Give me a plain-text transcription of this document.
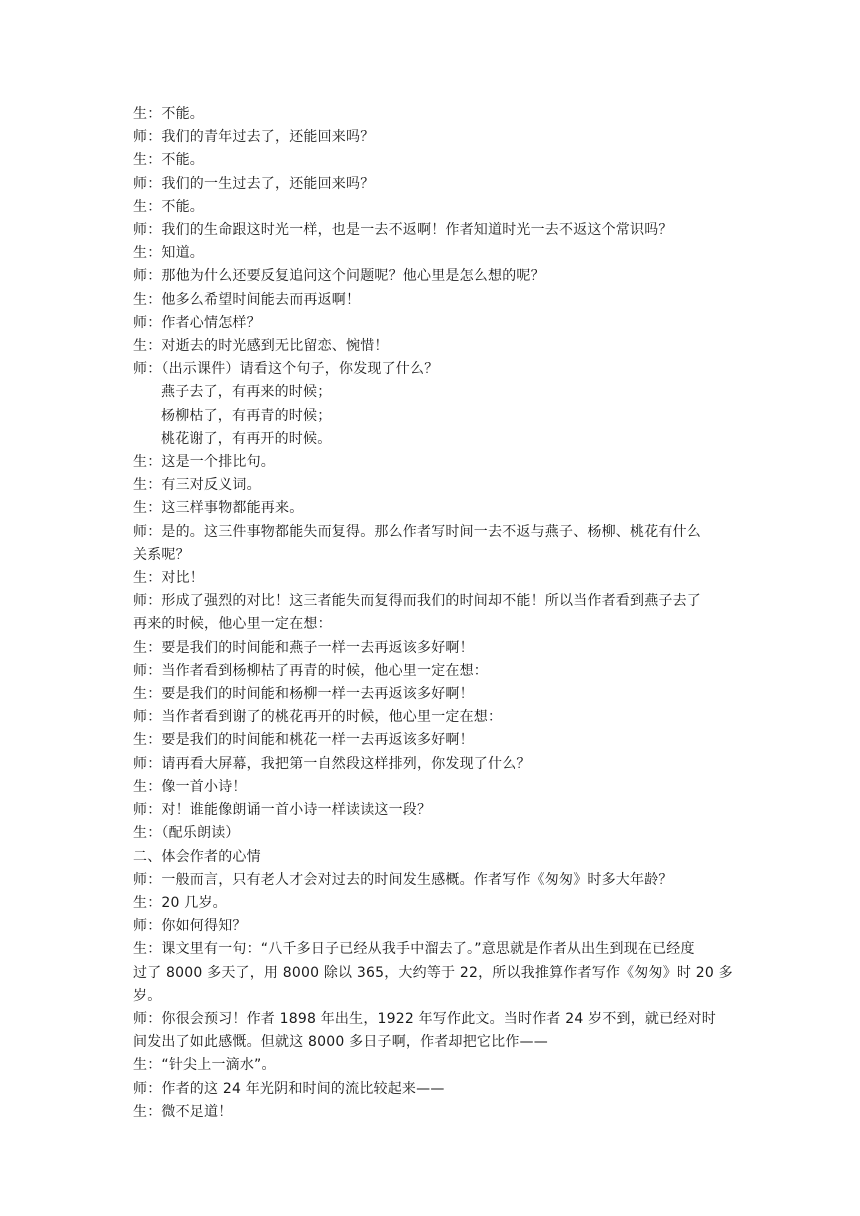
生：不能。
师：我们的青年过去了，还能回来吗？
生：不能。
师：我们的一生过去了，还能回来吗？
生：不能。
师：我们的生命跟这时光一样，也是一去不返啊！作者知道时光一去不返这个常识吗？
生：知道。
师：那他为什么还要反复追问这个问题呢？他心里是怎么想的呢？
生：他多么希望时间能去而再返啊！
师：作者心情怎样？
生：对逝去的时光感到无比留恋、惋惜！
师：（出示课件）请看这个句子，你发现了什么？
燕子去了，有再来的时候；
杨柳枯了，有再青的时候；
桃花谢了，有再开的时候。
生：这是一个排比句。
生：有三对反义词。
生：这三样事物都能再来。
师：是的。这三件事物都能失而复得。那么作者写时间一去不返与燕子、杨柳、桃花有什么
关系呢？
生：对比！
师：形成了强烈的对比！这三者能失而复得而我们的时间却不能！所以当作者看到燕子去了
再来的时候，他心里一定在想：
生：要是我们的时间能和燕子一样一去再返该多好啊！
师：当作者看到杨柳枯了再青的时候，他心里一定在想：
生：要是我们的时间能和杨柳一样一去再返该多好啊！
师：当作者看到谢了的桃花再开的时候，他心里一定在想：
生：要是我们的时间能和桃花一样一去再返该多好啊！
师：请再看大屏幕，我把第一自然段这样排列，你发现了什么？
生：像一首小诗！
师：对！谁能像朗诵一首小诗一样读读这一段？
生：（配乐朗读）
二、体会作者的心情
师：一般而言，只有老人才会对过去的时间发生感概。作者写作《匆匆》时多大年龄？
生：20 几岁。
师：你如何得知？
生：课文里有一句：“八千多日子已经从我手中溜去了。”意思就是作者从出生到现在已经度
过了 8000 多天了，用 8000 除以 365，大约等于 22，所以我推算作者写作《匆匆》时 20 多
岁。
师：你很会预习！作者 1898 年出生，1922 年写作此文。当时作者 24 岁不到，就已经对时
间发出了如此感慨。但就这 8000 多日子啊，作者却把它比作——
生：“针尖上一滴水”。
师：作者的这 24 年光阴和时间的流比较起来——
生：微不足道！
